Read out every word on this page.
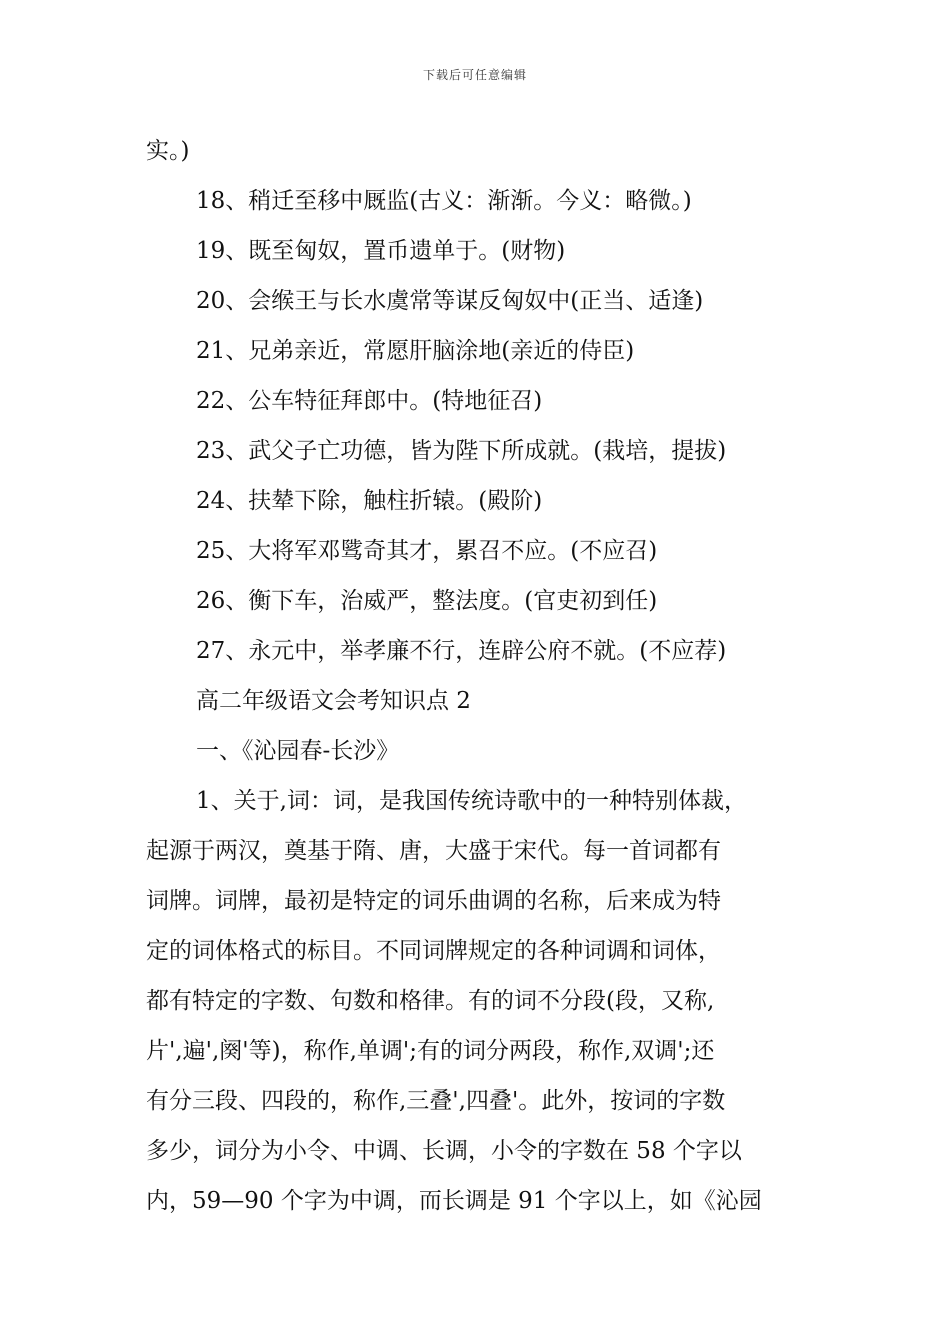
下载后可任意编辑
实。)
18、稍迁至移中厩监(古义：渐渐。今义：略微。)
19、既至匈奴，置币遗单于。(财物)
20、会缑王与长水虞常等谋反匈奴中(正当、适逢)
21、兄弟亲近，常愿肝脑涂地(亲近的侍臣)
22、公车特征拜郎中。(特地征召)
23、武父子亡功德，皆为陛下所成就。(栽培，提拔)
24、扶辇下除，触柱折辕。(殿阶)
25、大将军邓骘奇其才，累召不应。(不应召)
26、衡下车，治威严，整法度。(官吏初到任)
27、永元中，举孝廉不行，连辟公府不就。(不应荐)
高二年级语文会考知识点 2
一、《沁园春-长沙》
1、关于,词：词，是我国传统诗歌中的一种特别体裁，
起源于两汉，奠基于隋、唐，大盛于宋代。每一首词都有
词牌。词牌，最初是特定的词乐曲调的名称，后来成为特
定的词体格式的标目。不同词牌规定的各种词调和词体，
都有特定的字数、句数和格律。有的词不分段(段，又称,
片',遍',阕'等)，称作,单调';有的词分两段，称作,双调';还
有分三段、四段的，称作,三叠',四叠'。此外，按词的字数
多少，词分为小令、中调、长调，小令的字数在 58 个字以
内，59—90 个字为中调，而长调是 91 个字以上，如《沁园
